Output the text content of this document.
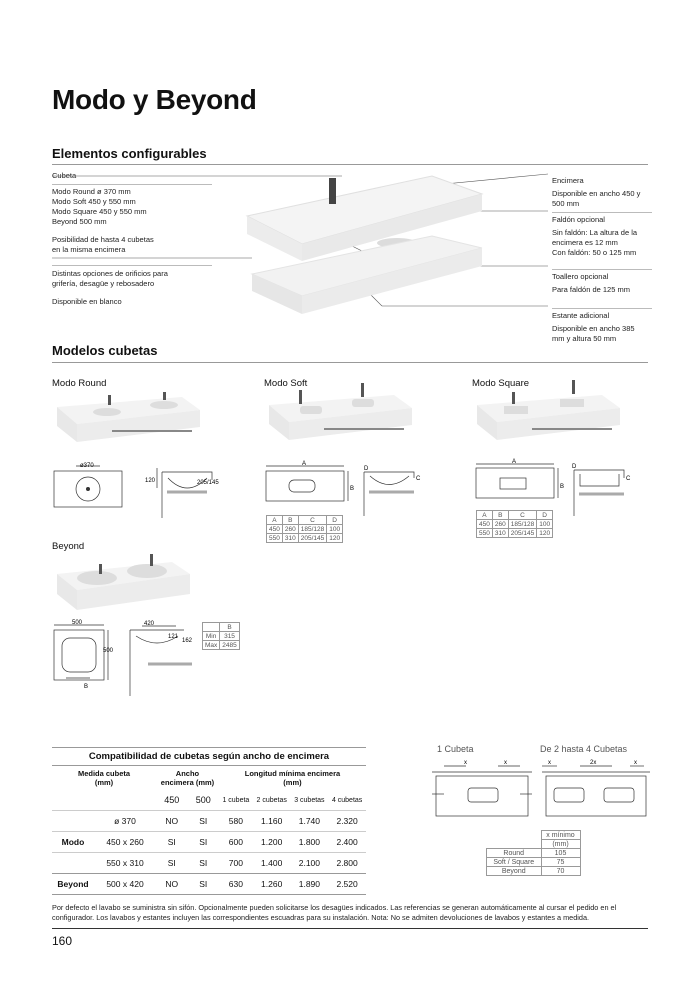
Modo y Beyond
Elementos configurables
Cubeta
Modo Round ø 370 mm
Modo Soft 450 y 550 mm
Modo Square 450 y 550 mm
Beyond 500 mm
Posibilidad de hasta 4 cubetas
en la misma encimera
Distintas opciones de orificios para
grifería, desagüe y rebosadero
Disponible en blanco
Encimera
Disponible en ancho 450 y
500 mm
Faldón opcional
Sin faldón: La altura de la
encimera es 12 mm
Con faldón: 50 o 125 mm
Toallero opcional
Para faldón de 125 mm
Estante adicional
Disponible en ancho 385
mm y altura 50 mm
Modelos cubetas
Modo Round	Modo Soft	Modo Square
Beyond
ø370
120	205/145
A
B
D
C
A	B	C	D
450	260	185/128	100
550	310	205/145	120
A
B
D
C
A	B	C	D
450	260	185/128	100
550	310	205/145	120
500
500
B
420
121
162
	B
Min	315
Max	2485
Compatibilidad de cubetas según ancho de encimera
Medida cubeta
(mm)		Ancho
encimera (mm)		Longitud mínima encimera
(mm)			
		450	500	1 cubeta	2 cubetas	3 cubetas	4 cubetas
	ø 370	NO	SI	580	1.160	1.740	2.320
Modo	450 x 260	SI	SI	600	1.200	1.800	2.400
	550 x 310	SI	SI	700	1.400	2.100	2.800
Beyond	500 x 420	NO	SI	630	1.260	1.890	2.520
1 Cubeta	De 2 hasta 4 Cubetas
x	x	x	2x	x
	x mínimo
	(mm)
Round	105
Soft / Square	75
Beyond	70
Por defecto el lavabo se suministra sin sifón. Opcionalmente pueden solicitarse los desagües indicados. Las referencias se generan automáticamente al cursar el pedido en el configurador. Los lavabos y estantes incluyen las correspondientes escuadras para su instalación. Nota: No se admiten devoluciones de lavabos y estantes a medida.
160
